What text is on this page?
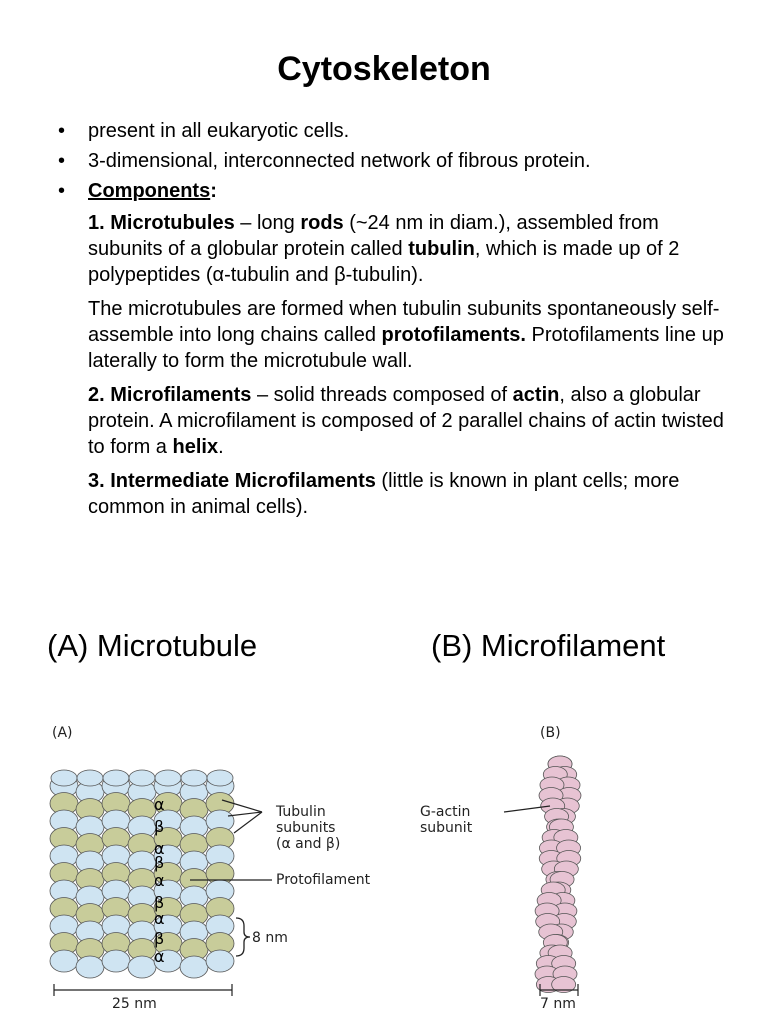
Cytoskeleton
• present in all eukaryotic cells.
• 3-dimensional, interconnected network of fibrous protein.
• Components:

1. Microtubules – long rods (~24 nm in diam.), assembled from subunits of a globular protein called tubulin, which is made up of 2 polypeptides (α-tubulin and β-tubulin).

The microtubules are formed when tubulin subunits spontaneously self-assemble into long chains called protofilaments. Protofilaments line up laterally to form the microtubule wall.

2. Microfilaments – solid threads composed of actin, also a globular protein. A microfilament is composed of 2 parallel chains of actin twisted to form a helix.

3. Intermediate Microfilaments (little is known in plant cells; more common in animal cells).

(A) Microtubule	(B) Microfilament
(A)
α
β
α
β
α
β
α
β
α
Tubulin
subunits
(α and β)
Protofilament
8 nm
25 nm
(B)
G-actin
subunit
7 nm
